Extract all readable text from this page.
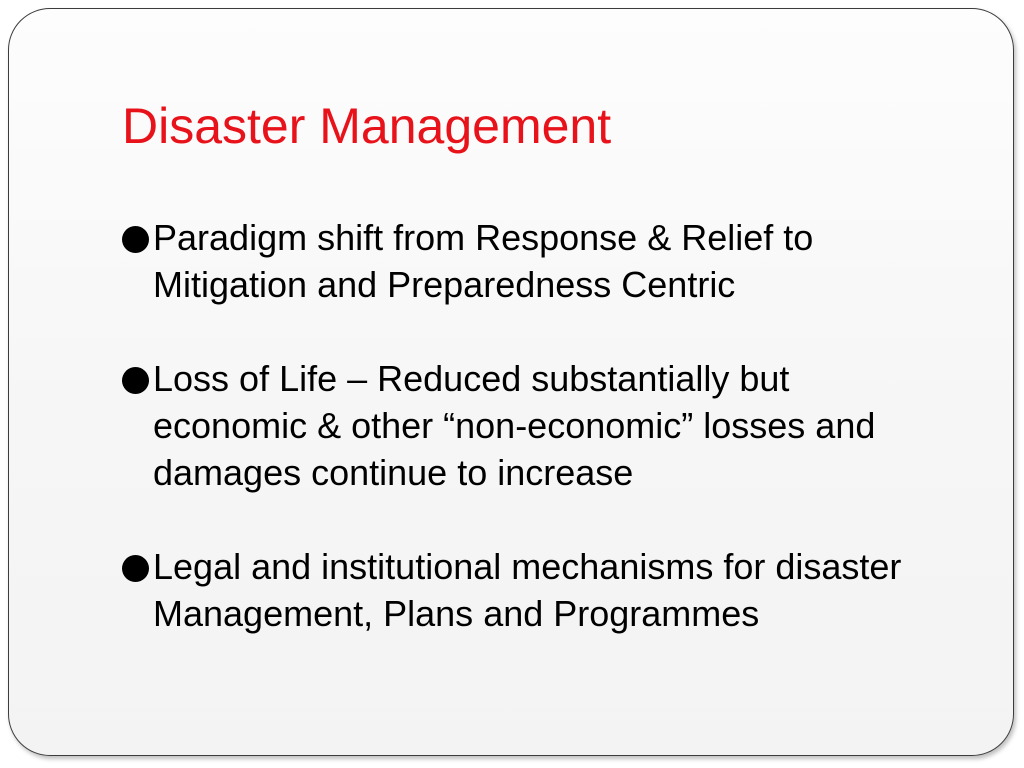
Disaster Management
Paradigm shift from Response & Relief to
Mitigation and Preparedness Centric
Loss of Life – Reduced substantially but
economic & other “non-economic” losses and
damages continue to increase
Legal and institutional mechanisms for disaster
Management, Plans and Programmes
